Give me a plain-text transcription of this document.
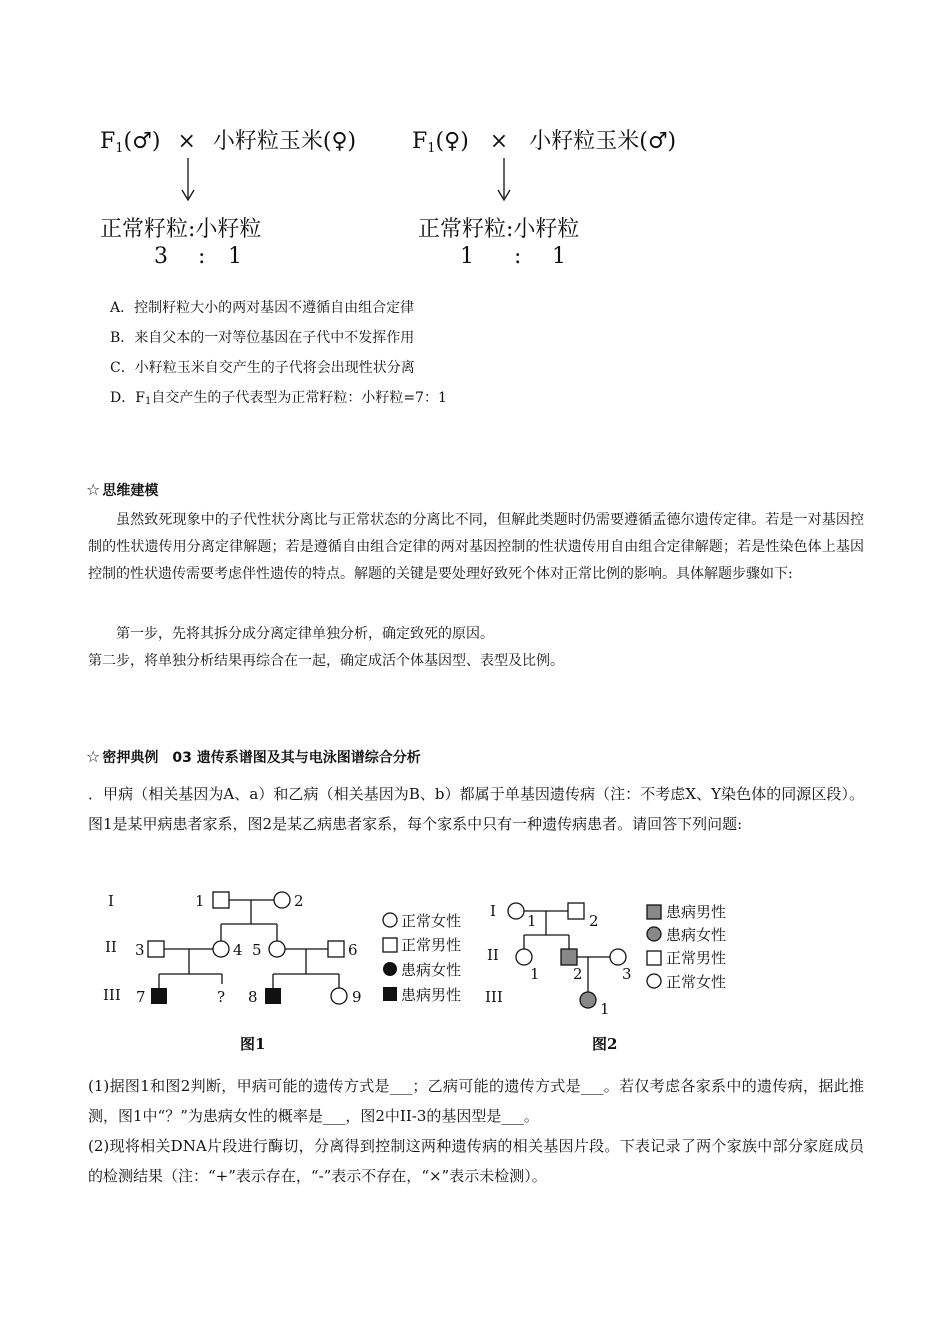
$F_1(♂)$ × 小籽粒玉米(♀)
正常籽粒:小籽粒
3 : 1
$F_1(♀)$ × 小籽粒玉米(♂)
正常籽粒:小籽粒
1 : 1
A．控制籽粒大小的两对基因不遵循自由组合定律
B．来自父本的一对等位基因在子代中不发挥作用
C．小籽粒玉米自交产生的子代将会出现性状分离
D．F1自交产生的子代表型为正常籽粒：小籽粒=7：1
☆ 思维建模
虽然致死现象中的子代性状分离比与正常状态的分离比不同，但解此类题时仍需要遵循孟德尔遗传定律。若是一对基因控制的性状遗传用分离定律解题；若是遵循自由组合定律的两对基因控制的性状遗传用自由组合定律解题；若是性染色体上基因控制的性状遗传需要考虑伴性遗传的特点。解题的关键是要处理好致死个体对正常比例的影响。具体解题步骤如下:
第一步，先将其拆分成分离定律单独分析，确定致死的原因。
第二步，将单独分析结果再综合在一起，确定成活个体基因型、表型及比例。
☆ 密押典例　03 遗传系谱图及其与电泳图谱综合分析
．甲病（相关基因为A、a）和乙病（相关基因为B、b）都属于单基因遗传病（注：不考虑X、Y染色体的同源区段）。图1是某甲病患者家系，图2是某乙病患者家系，每个家系中只有一种遗传病患者。请回答下列问题:
I
II
III
1	2
3	4 5	6
7	? 8	9
正常女性
正常男性
患病女性
患病男性
图1
I
II
III
1	2
1 2	3
1
患病男性
患病女性
正常男性
正常女性
图2
(1)据图1和图2判断，甲病可能的遗传方式是___；乙病可能的遗传方式是___。若仅考虑各家系中的遗传病，据此推测，图1中“？”为患病女性的概率是___，图2中II-3的基因型是___。
(2)现将相关DNA片段进行酶切，分离得到控制这两种遗传病的相关基因片段。下表记录了两个家族中部分家庭成员的检测结果（注：“+”表示存在，“-”表示不存在，“×”表示未检测）。
